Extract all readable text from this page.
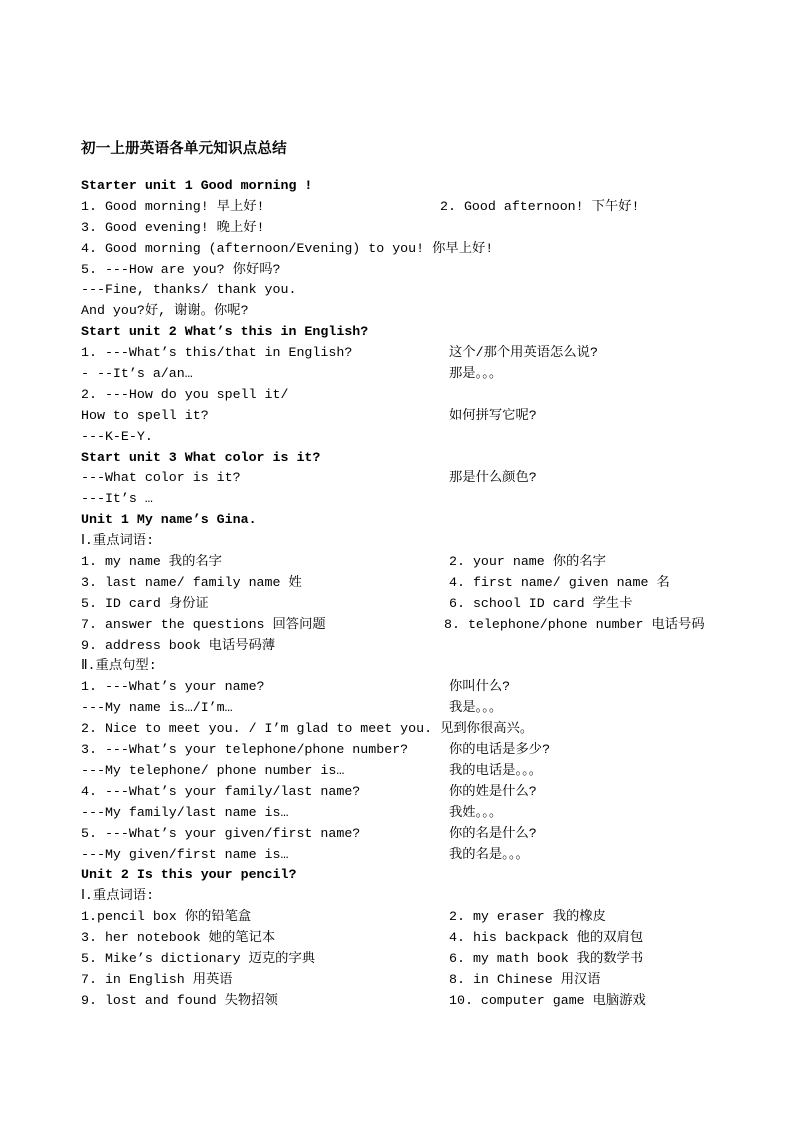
初一上册英语各单元知识点总结
Starter unit 1 Good morning !
1. Good morning! 早上好!	2. Good afternoon! 下午好!
3. Good evening! 晚上好!
4. Good morning (afternoon/Evening) to you! 你早上好!
5. ---How are you? 你好吗?
---Fine, thanks/ thank you.
And you?好, 谢谢。你呢?
Start unit 2 What’s this in English?
1. ---What’s this/that in English?	这个/那个用英语怎么说?
- --It’s a/an…	那是。。。
2. ---How do you spell it/
How to spell it?	如何拼写它呢?
---K-E-Y.
Start unit 3 What color is it?
---What color is it?	那是什么颜色?
---It’s …
Unit 1 My name’s Gina.
Ⅰ.重点词语:
1. my name 我的名字	2. your name 你的名字
3. last name/ family name 姓	4. first name/ given name 名
5. ID card 身份证	6. school ID card 学生卡
7. answer the questions 回答问题	8. telephone/phone number 电话号码
9. address book 电话号码薄
Ⅱ.重点句型:
1. ---What’s your name?	你叫什么?
---My name is…/I’m…	我是。。。
2. Nice to meet you. / I’m glad to meet you. 见到你很高兴。
3. ---What’s your telephone/phone number?	你的电话是多少?
---My telephone/ phone number is…	我的电话是。。。
4. ---What’s your family/last name?	你的姓是什么?
---My family/last name is…	我姓。。。
5. ---What’s your given/first name?	你的名是什么?
---My given/first name is…	我的名是。。。
Unit 2 Is this your pencil?
Ⅰ.重点词语:
1.pencil box 你的铅笔盒	2. my eraser 我的橡皮
3. her notebook 她的笔记本	4. his backpack 他的双肩包
5. Mike’s dictionary 迈克的字典	6. my math book 我的数学书
7. in English 用英语	8. in Chinese 用汉语
9. lost and found 失物招领	10. computer game 电脑游戏
